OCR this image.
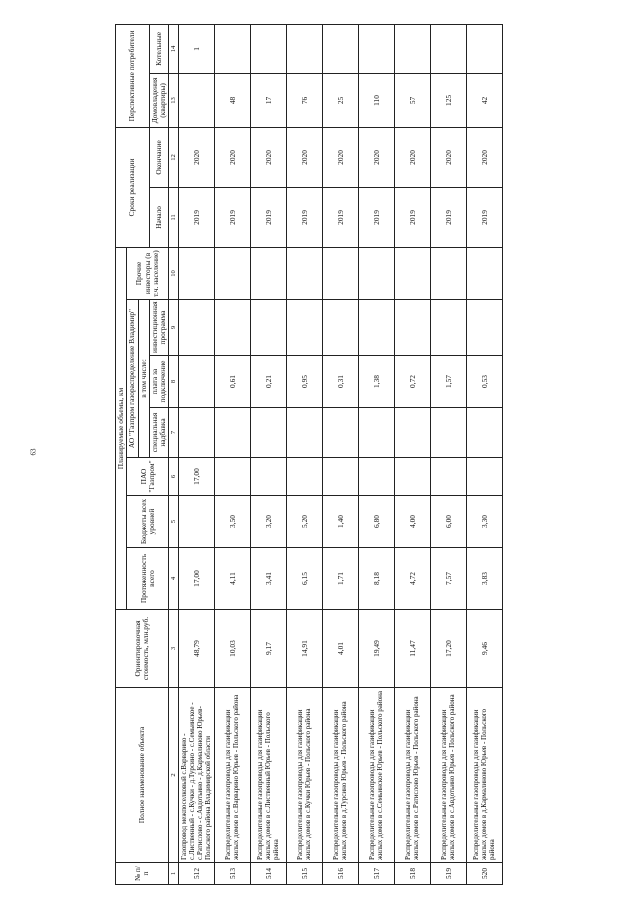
63
№ п/п	Полное наименование объекта	Ориентировочная стоимость, млн.руб.	Планируемые объемы, км							Сроки реализации		Перспективные потребители	
			Протяженность всего	Бюджеты всех уровней	ПАО "Газпром"	АО "Газпром газораспределение Владимир"			Прочие инвесторы (в т.ч. население)				
						в том числе:							
						специальная надбавка	плата за подключение	инвестиционная программа		Начало	Окончание	Домовладения (квартиры)	Котельные
1	2	3	4	5	6	7	8	9	10	11	12	13	14
512	Газопровод межпоселковый с.Варварино - с.Лиственный - с.Кучки - д.Турсино - с.Семьинское - с.Ратислово - с.Авдотьино - д.Кармалиново Юрьев-Польского района Владимирской области	48,79	17,00		17,00					2019	2020		1
513	Распределительные газопроводы для газификации жилых домов в с.Варварино Юрьев - Польского района	10,03	4,11	3,50			0,61			2019	2020	48	
514	Распределительные газопроводы для газификации жилых домов в с.Лиственный Юрьев - Польского района	9,17	3,41	3,20			0,21			2019	2020	17	
515	Распределительные газопроводы для газификации жилых домов в с.Кучки Юрьев - Польского района	14,91	6,15	5,20			0,95			2019	2020	76	
516	Распределительные газопроводы для газификации жилых домов в д.Турсино Юрьев - Польского района	4,01	1,71	1,40			0,31			2019	2020	25	
517	Распределительные газопроводы для газификации жилых домов в с.Семьинское Юрьев - Польского района	19,49	8,18	6,80			1,38			2019	2020	110	
518	Распределительные газопроводы для газификации жилых домов в с.Ратислово Юрьев - Польского района	11,47	4,72	4,00			0,72			2019	2020	57	
519	Распределительные газопроводы для газификации жилых домов в с.Авдотьино Юрьев - Польского района	17,20	7,57	6,00			1,57			2019	2020	125	
520	Распределительные газопроводы для газификации жилых домов в д.Кармалиново Юрьев - Польского района	9,46	3,83	3,30			0,53			2019	2020	42	
